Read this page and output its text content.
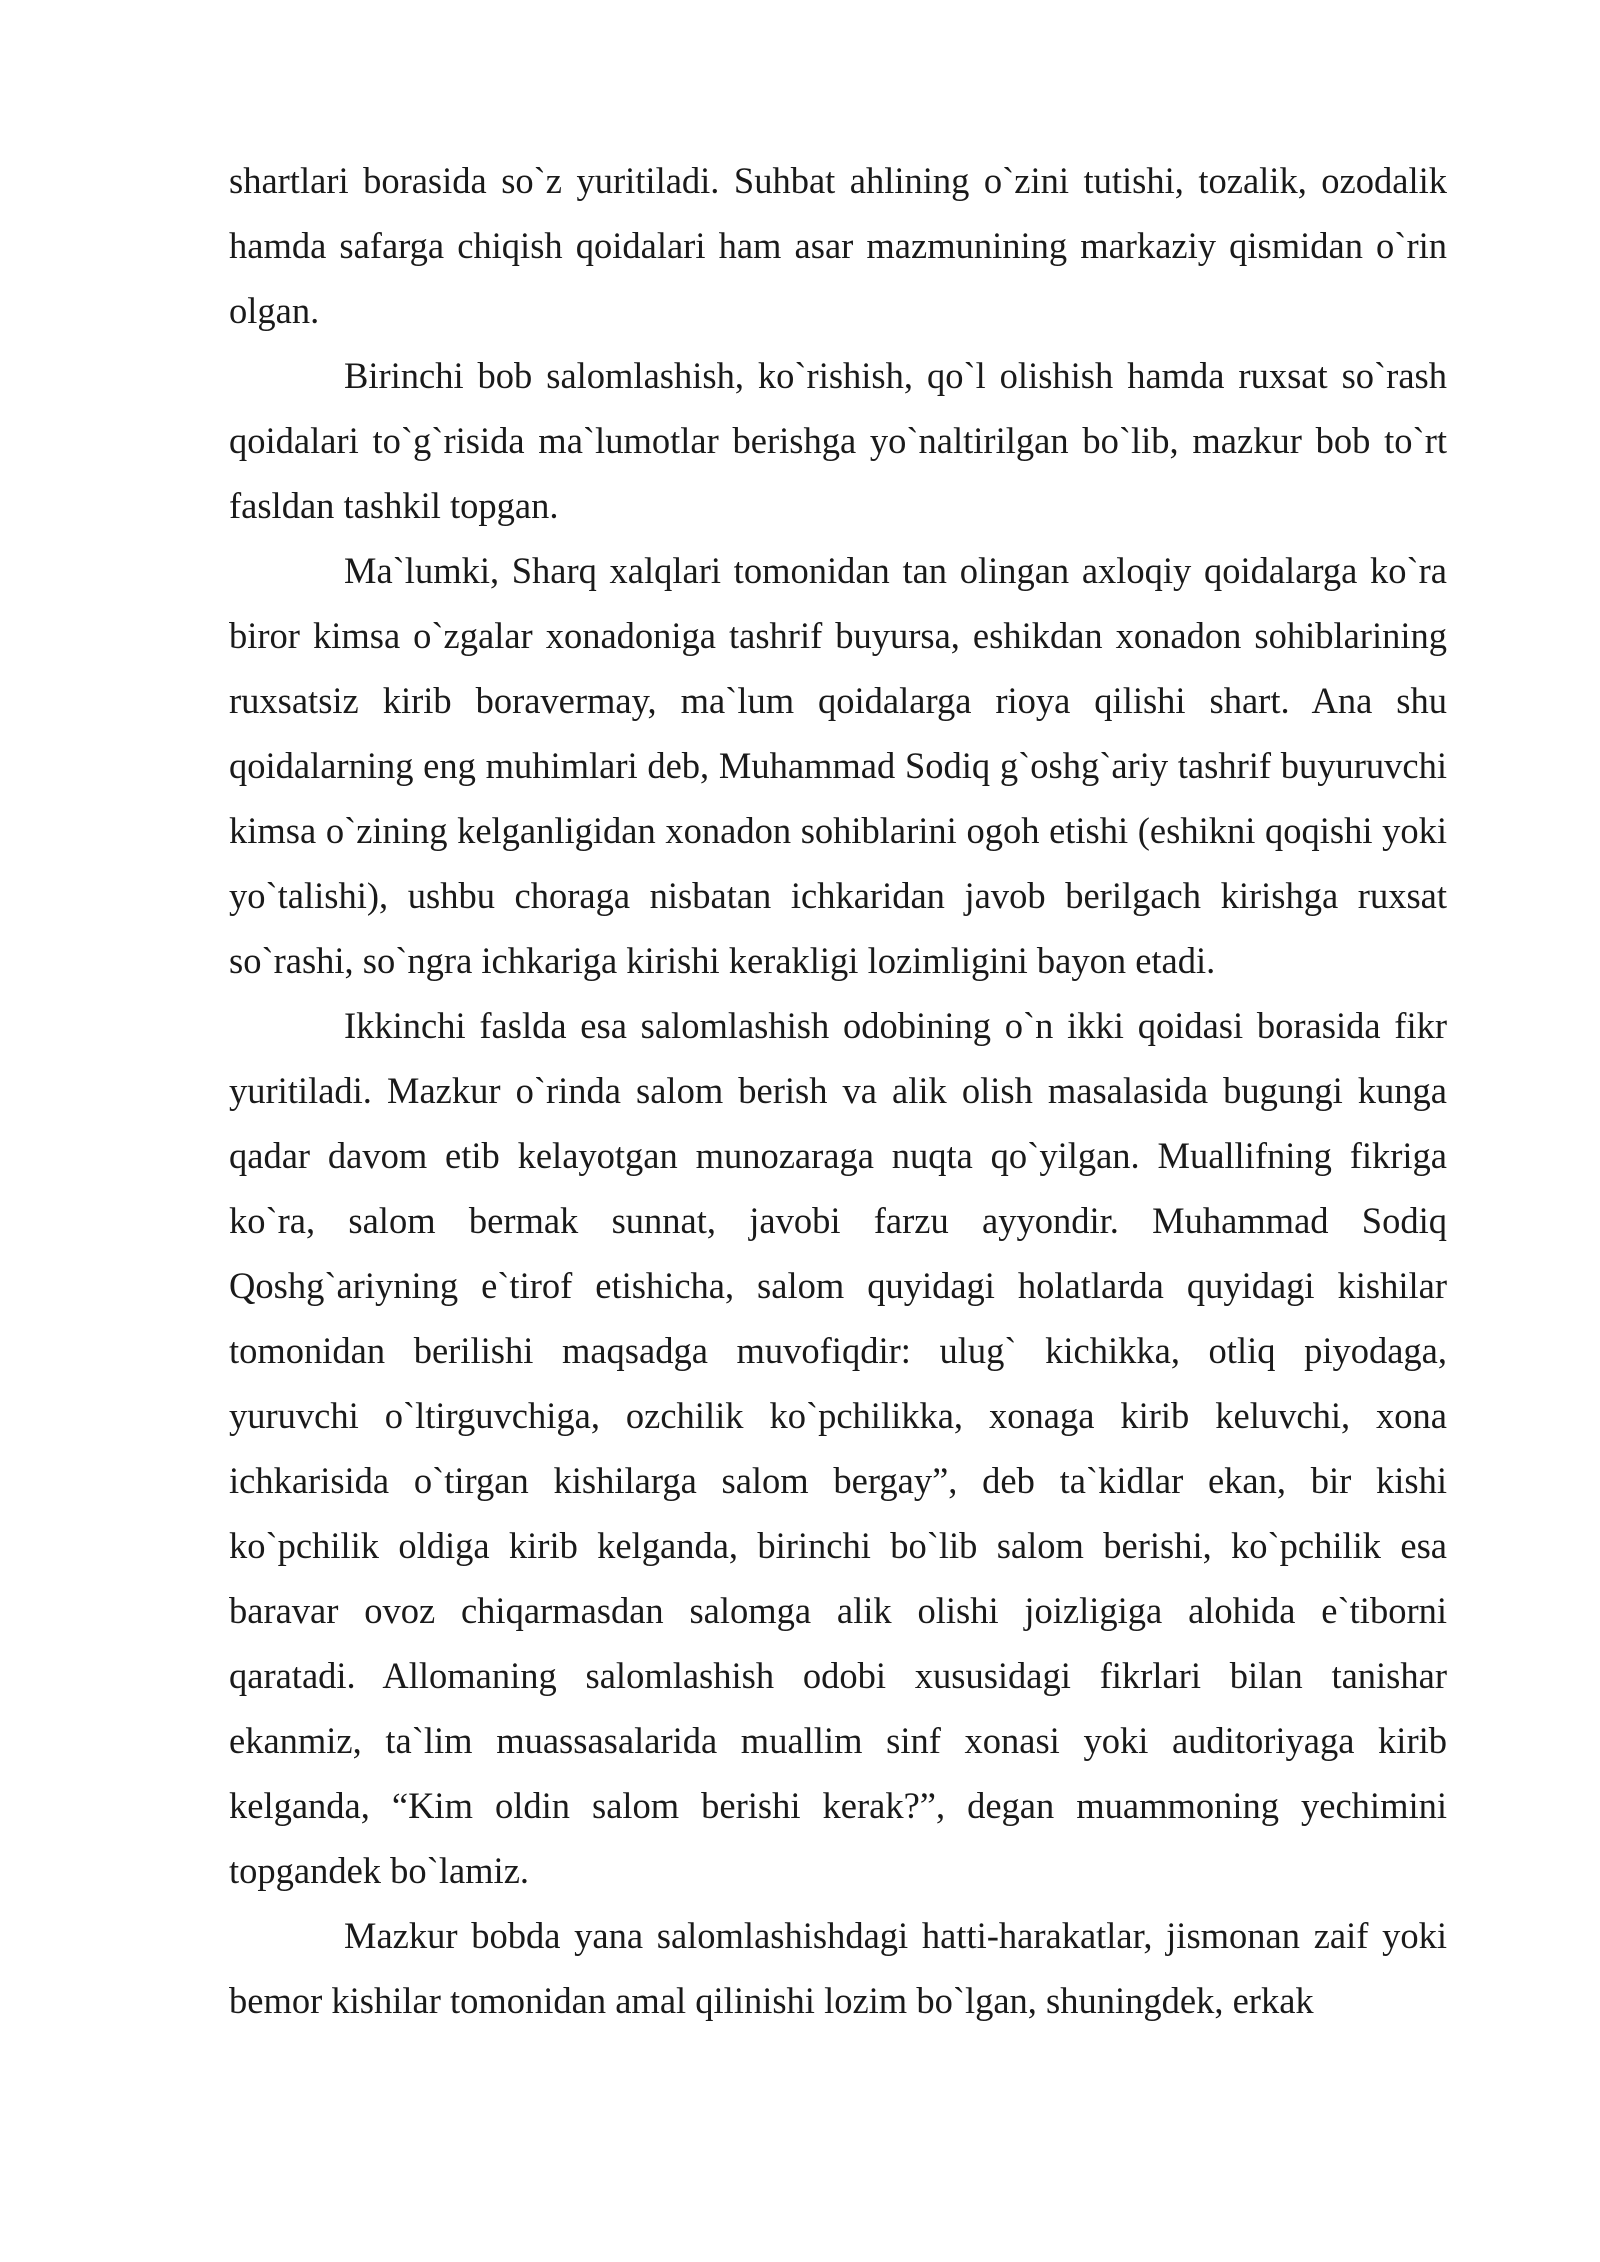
shartlari borasida so`z yuritiladi. Suhbat ahlining o`zini tutishi, tozalik, ozodalik hamda safarga chiqish qoidalari ham asar mazmunining markaziy qismidan o`rin olgan.

Birinchi bob salomlashish, ko`rishish, qo`l olishish hamda ruxsat so`rash qoidalari to`g`risida ma`lumotlar berishga yo`naltirilgan bo`lib, mazkur bob to`rt fasldan tashkil topgan.

Ma`lumki, Sharq xalqlari tomonidan tan olingan axloqiy qoidalarga ko`ra biror kimsa o`zgalar xonadoniga tashrif buyursa, eshikdan xonadon sohiblarining ruxsatsiz kirib boravermay, ma`lum qoidalarga rioya qilishi shart. Ana shu qoidalarning eng muhimlari deb, Muhammad Sodiq g`oshg`ariy tashrif buyuruvchi kimsa o`zining kelganligidan xonadon sohiblarini ogoh etishi (eshikni qoqishi yoki yo`talishi), ushbu choraga nisbatan ichkaridan javob berilgach kirishga ruxsat so`rashi, so`ngra ichkariga kirishi kerakligi lozimligini bayon etadi.

Ikkinchi faslda esa salomlashish odobining o`n ikki qoidasi borasida fikr yuritiladi. Mazkur o`rinda salom berish va alik olish masalasida bugungi kunga qadar davom etib kelayotgan munozaraga nuqta qo`yilgan. Muallifning fikriga ko`ra, salom bermak sunnat, javobi farzu ayyondir. Muhammad Sodiq Qoshg`ariyning e`tirof etishicha, salom quyidagi holatlarda quyidagi kishilar tomonidan berilishi maqsadga muvofiqdir: ulug` kichikka, otliq piyodaga, yuruvchi o`ltirguvchiga, ozchilik ko`pchilikka, xonaga kirib keluvchi, xona ichkarisida o`tirgan kishilarga salom bergay”, deb ta`kidlar ekan, bir kishi ko`pchilik oldiga kirib kelganda, birinchi bo`lib salom berishi, ko`pchilik esa baravar ovoz chiqarmasdan salomga alik olishi joizligiga alohida e`tiborni qaratadi. Allomaning salomlashish odobi xususidagi fikrlari bilan tanishar ekanmiz, ta`lim muassasalarida muallim sinf xonasi yoki auditoriyaga kirib kelganda, “Kim oldin salom berishi kerak?”, degan muammoning yechimini topgandek bo`lamiz.

Mazkur bobda yana salomlashishdagi hatti-harakatlar, jismonan zaif yoki bemor kishilar tomonidan amal qilinishi lozim bo`lgan, shuningdek, erkak
